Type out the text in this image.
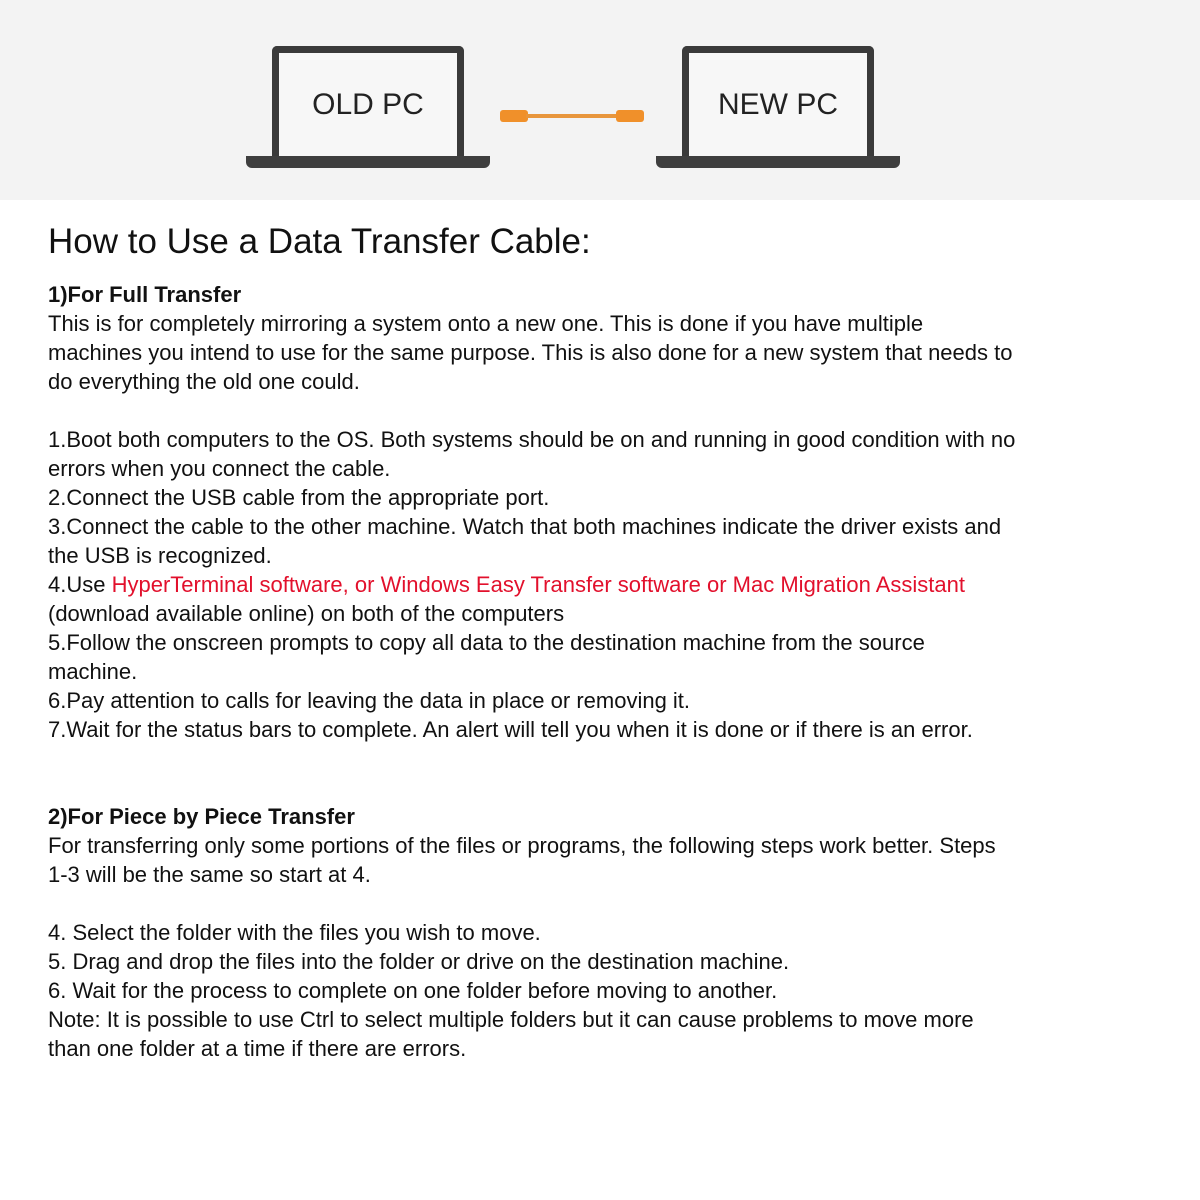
OLD PC	NEW PC
How to Use a Data Transfer Cable:
1)For Full Transfer
This is for completely mirroring a system onto a new one. This is done if you have multiple
machines you intend to use for the same purpose. This is also done for a new system that needs to
do everything the old one could.
1.Boot both computers to the OS. Both systems should be on and running in good condition with no
errors when you connect the cable.
2.Connect the USB cable from the appropriate port.
3.Connect the cable to the other machine. Watch that both machines indicate the driver exists and
the USB is recognized.
4.Use HyperTerminal software, or Windows Easy Transfer software or Mac Migration Assistant
(download available online) on both of the computers
5.Follow the onscreen prompts to copy all data to the destination machine from the source
machine.
6.Pay attention to calls for leaving the data in place or removing it.
7.Wait for the status bars to complete. An alert will tell you when it is done or if there is an error.
2)For Piece by Piece Transfer
For transferring only some portions of the files or programs, the following steps work better. Steps
1-3 will be the same so start at 4.
4. Select the folder with the files you wish to move.
5. Drag and drop the files into the folder or drive on the destination machine.
6. Wait for the process to complete on one folder before moving to another.
Note: It is possible to use Ctrl to select multiple folders but it can cause problems to move more
than one folder at a time if there are errors.
